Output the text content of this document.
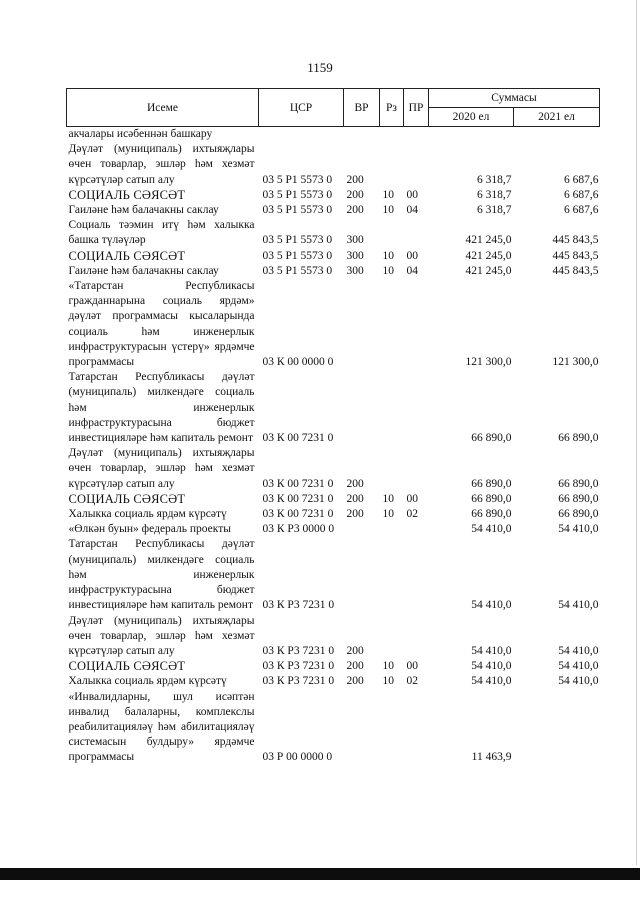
1159
Исеме	ЦСР	ВР	Рз	ПР	Суммасы	
					2020 ел	2021 ел
акчалары исәбеннән башкару						
Дәүләт (муниципаль) ихтыяҗлары өчен товарлар, эшләр һәм хезмәт күрсәтүләр сатып алу	03 5 P1 5573 0	200			6 318,7	6 687,6
СОЦИАЛЬ СӘЯСӘТ	03 5 P1 5573 0	200	10	00	6 318,7	6 687,6
Гаиләне һәм балачакны саклау	03 5 P1 5573 0	200	10	04	6 318,7	6 687,6
Социаль тәэмин итү һәм халыкка башка түләүләр	03 5 P1 5573 0	300			421 245,0	445 843,5
СОЦИАЛЬ СӘЯСӘТ	03 5 P1 5573 0	300	10	00	421 245,0	445 843,5
Гаиләне һәм балачакны саклау	03 5 P1 5573 0	300	10	04	421 245,0	445 843,5
«Татарстан Республикасы гражданнарына социаль ярдәм» дәүләт программасы кысаларында социаль һәм инженерлык инфраструктурасын үстерү» ярдәмче программасы	03 К 00 0000 0				121 300,0	121 300,0
Татарстан Республикасы дәүләт (муниципаль) милкендәге социаль һәм инженерлык инфраструктурасына бюджет инвестицияләре һәм капиталь ремонт	03 К 00 7231 0				66 890,0	66 890,0
Дәүләт (муниципаль) ихтыяҗлары өчен товарлар, эшләр һәм хезмәт күрсәтүләр сатып алу	03 К 00 7231 0	200			66 890,0	66 890,0
СОЦИАЛЬ СӘЯСӘТ	03 К 00 7231 0	200	10	00	66 890,0	66 890,0
Халыкка социаль ярдәм күрсәтү	03 К 00 7231 0	200	10	02	66 890,0	66 890,0
«Өлкән буын» федераль проекты	03 К P3 0000 0				54 410,0	54 410,0
Татарстан Республикасы дәүләт (муниципаль) милкендәге социаль һәм инженерлык инфраструктурасына бюджет инвестицияләре һәм капиталь ремонт	03 К P3 7231 0				54 410,0	54 410,0
Дәүләт (муниципаль) ихтыяҗлары өчен товарлар, эшләр һәм хезмәт күрсәтүләр сатып алу	03 К P3 7231 0	200			54 410,0	54 410,0
СОЦИАЛЬ СӘЯСӘТ	03 К P3 7231 0	200	10	00	54 410,0	54 410,0
Халыкка социаль ярдәм күрсәтү	03 К P3 7231 0	200	10	02	54 410,0	54 410,0
«Инвалидларны, шул исәптән инвалид балаларны, комплекслы реабилитацияләү һәм абилитацияләү системасын булдыру» ярдәмче программасы	03 Р 00 0000 0				11 463,9	
